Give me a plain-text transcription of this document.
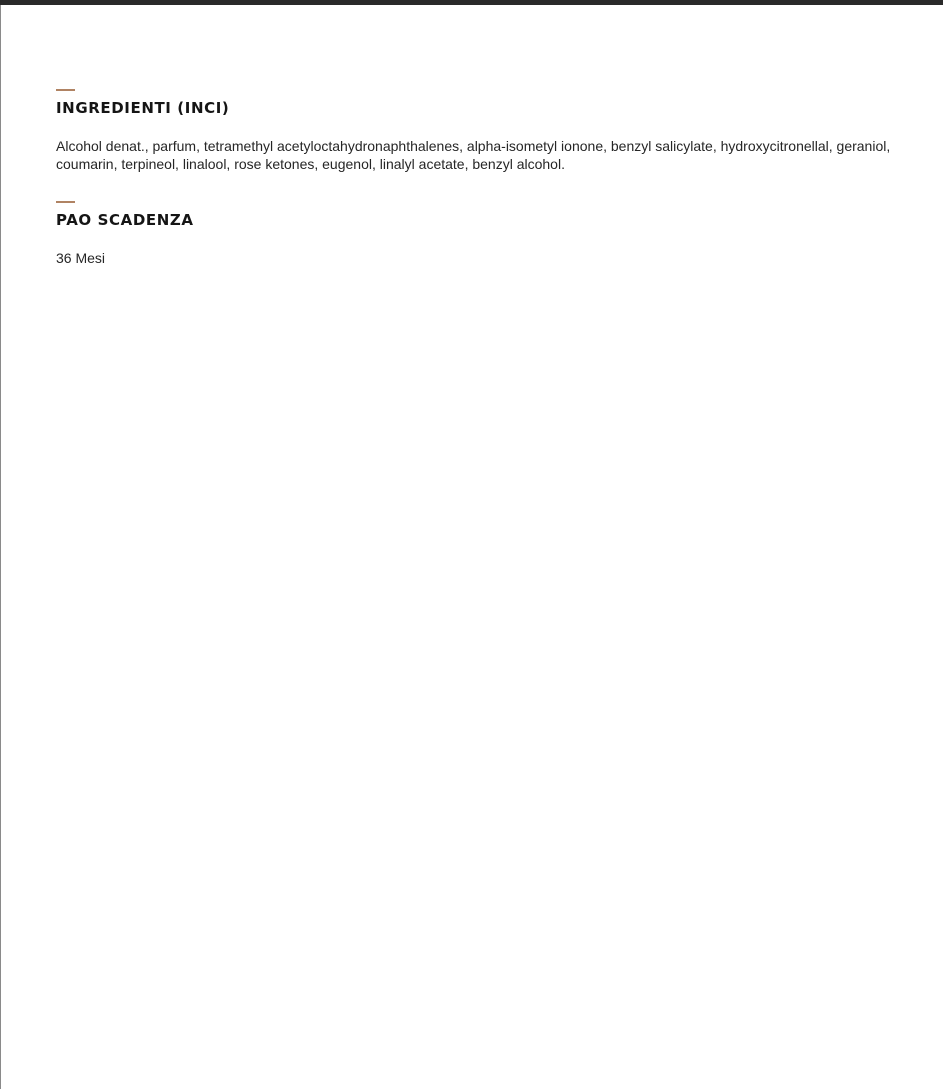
INGREDIENTI (INCI)

Alcohol denat., parfum, tetramethyl acetyloctahydronaphthalenes, alpha-isometyl ionone, benzyl salicylate, hydroxycitronellal, geraniol, coumarin, terpineol, linalool, rose ketones, eugenol, linalyl acetate, benzyl alcohol.

PAO SCADENZA

36 Mesi
